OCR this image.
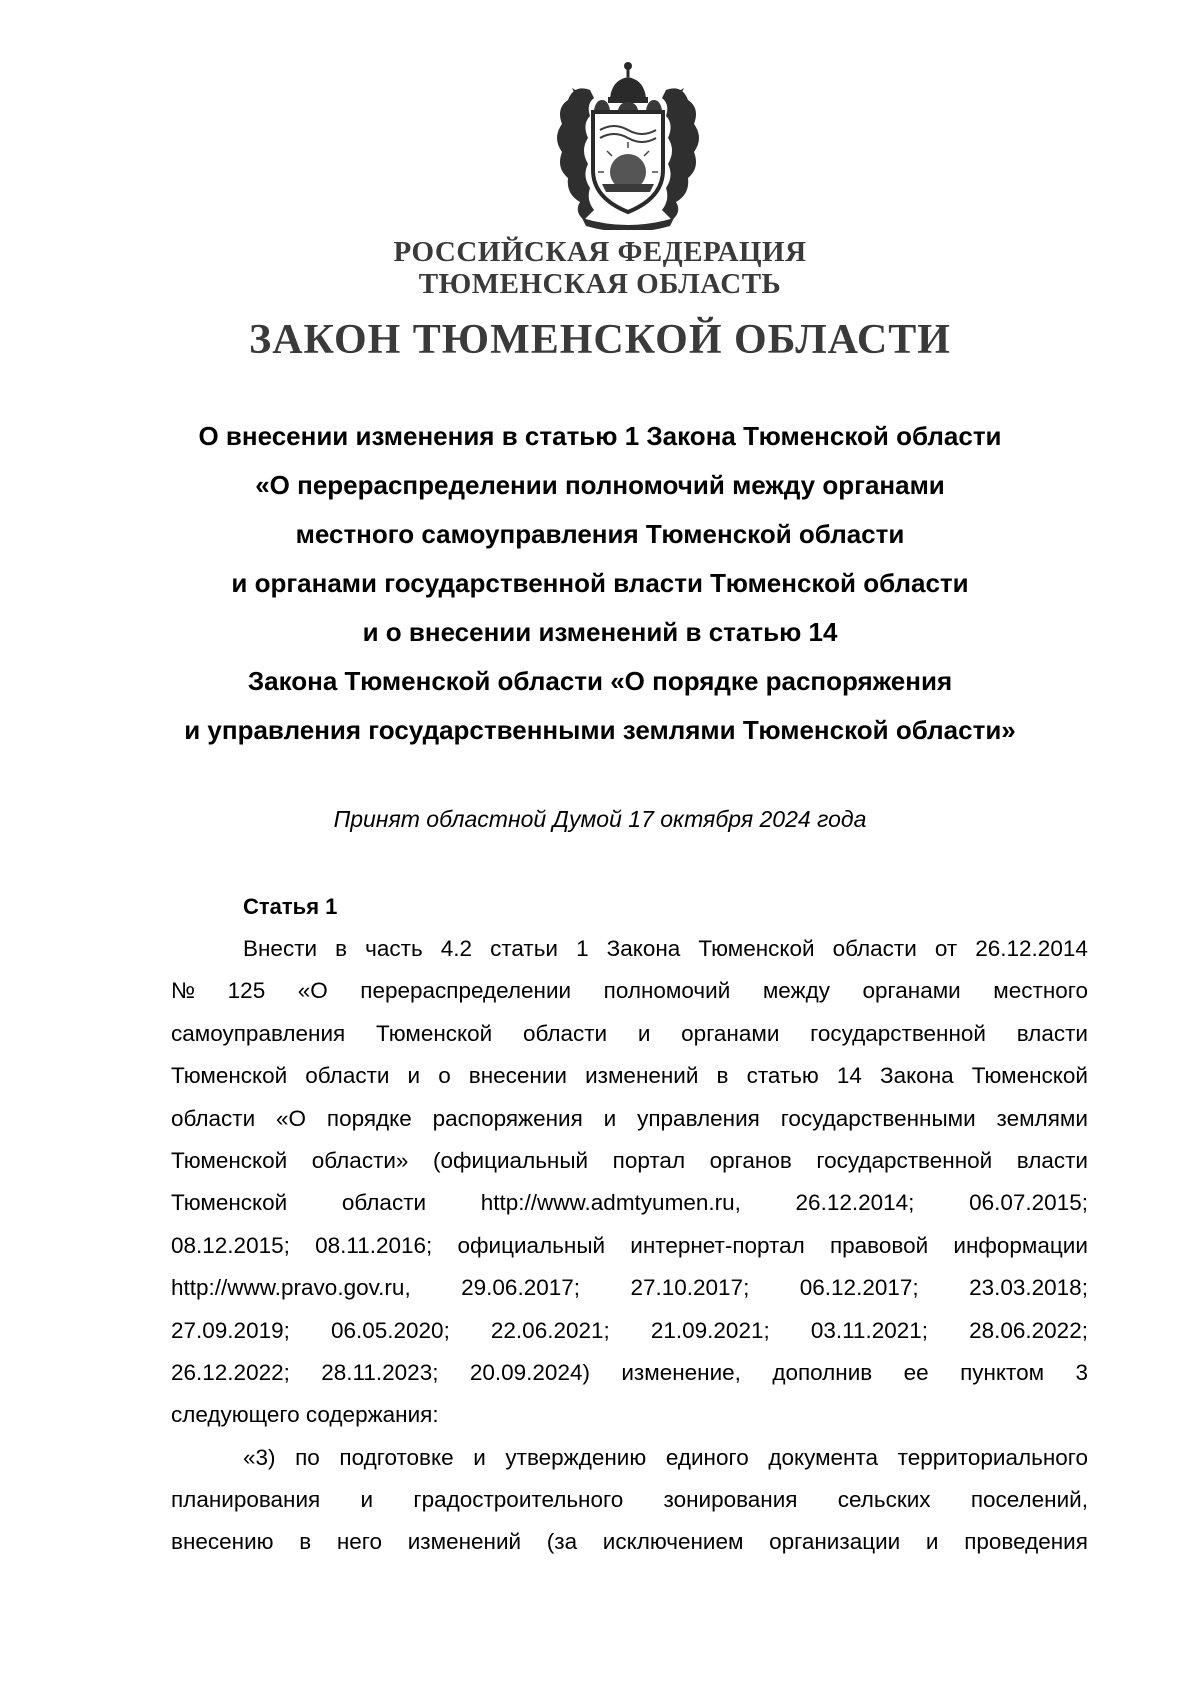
РОССИЙСКАЯ ФЕДЕРАЦИЯ
ТЮМЕНСКАЯ ОБЛАСТЬ
ЗАКОН ТЮМЕНСКОЙ ОБЛАСТИ
О внесении изменения в статью 1 Закона Тюменской области
«О перераспределении полномочий между органами
местного самоуправления Тюменской области
и органами государственной власти Тюменской области
и о внесении изменений в статью 14
Закона Тюменской области «О порядке распоряжения
и управления государственными землями Тюменской области»
Принят областной Думой 17 октября 2024 года
Статья 1
Внести в часть 4.2 статьи 1 Закона Тюменской области от 26.12.2014
№ 125 «О перераспределении полномочий между органами местного
самоуправления Тюменской области и органами государственной власти
Тюменской области и о внесении изменений в статью 14 Закона Тюменской
области «О порядке распоряжения и управления государственными землями
Тюменской области» (официальный портал органов государственной власти
Тюменской области http://www.admtyumen.ru, 26.12.2014; 06.07.2015;
08.12.2015; 08.11.2016; официальный интернет-портал правовой информации
http://www.pravo.gov.ru, 29.06.2017; 27.10.2017; 06.12.2017; 23.03.2018;
27.09.2019; 06.05.2020; 22.06.2021; 21.09.2021; 03.11.2021; 28.06.2022;
26.12.2022; 28.11.2023; 20.09.2024) изменение, дополнив ее пунктом 3
следующего содержания:
«3) по подготовке и утверждению единого документа территориального
планирования и градостроительного зонирования сельских поселений,
внесению в него изменений (за исключением организации и проведения
